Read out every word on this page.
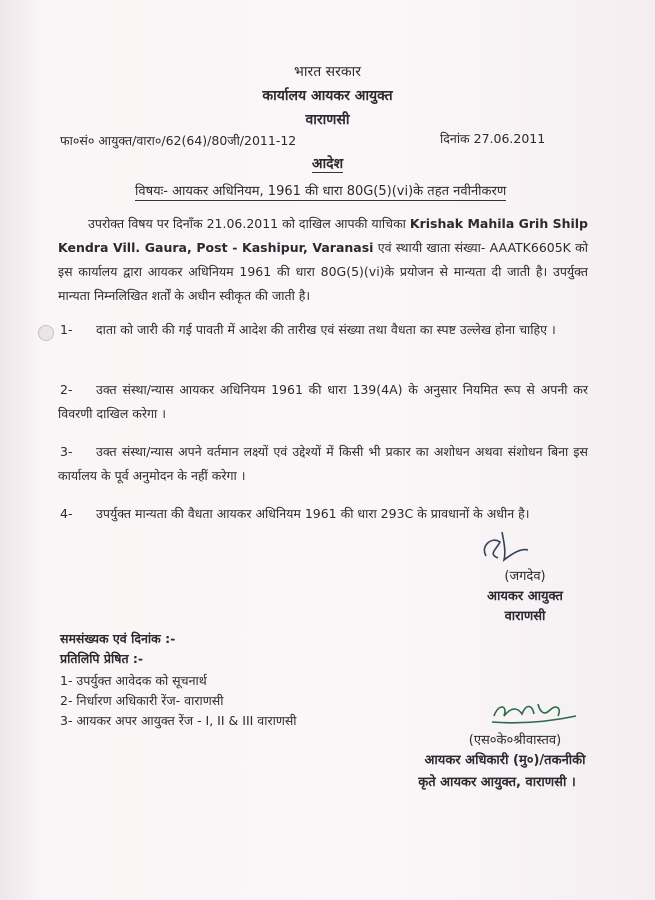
भारत सरकार
कार्यालय आयकर आयुक्त
वाराणसी
फा०सं० आयुक्त/वारा०/62(64)/80जी/2011-12	दिनांक 27.06.2011
आदेश
विषयः- आयकर अधिनियम, 1961 की धारा 80G(5)(vi)के तहत नवीनीकरण
उपरोक्त विषय पर दिनाँक 21.06.2011 को दाखिल आपकी याचिका Krishak Mahila Grih Shilp Kendra Vill. Gaura, Post - Kashipur, Varanasi एवं स्थायी खाता संख्या- AAATK6605K को इस कार्यालय द्वारा आयकर अधिनियम 1961 की धारा 80G(5)(vi)के प्रयोजन से मान्यता दी जाती है। उपर्युक्त मान्यता निम्नलिखित शर्तों के अधीन स्वीकृत की जाती है।
1-	दाता को जारी की गई पावती में आदेश की तारीख एवं संख्या तथा वैधता का स्पष्ट उल्लेख होना चाहिए ।
2-	उक्त संस्था/न्यास आयकर अधिनियम 1961 की धारा 139(4A) के अनुसार नियमित रूप से अपनी कर विवरणी दाखिल करेगा ।
3-	उक्त संस्था/न्यास अपने वर्तमान लक्ष्यों एवं उद्देश्यों में किसी भी प्रकार का अशोधन अथवा संशोधन बिना इस कार्यालय के पूर्व अनुमोदन के नहीं करेगा ।
4-	उपर्युक्त मान्यता की वैधता आयकर अधिनियम 1961 की धारा 293C के प्रावधानों के अधीन है।
(जगदेव)
आयकर आयुक्त
वाराणसी
समसंख्यक एवं दिनांक :-
प्रतिलिपि प्रेषित :-
1- उपर्युक्त आवेदक को सूचनार्थ
2- निर्धारण अधिकारी रेंज- वाराणसी
3- आयकर अपर आयुक्त रेंज - I, II & III वाराणसी
(एस०के०श्रीवास्तव)
आयकर अधिकारी (मु०)/तकनीकी
कृते आयकर आयुक्त, वाराणसी ।
